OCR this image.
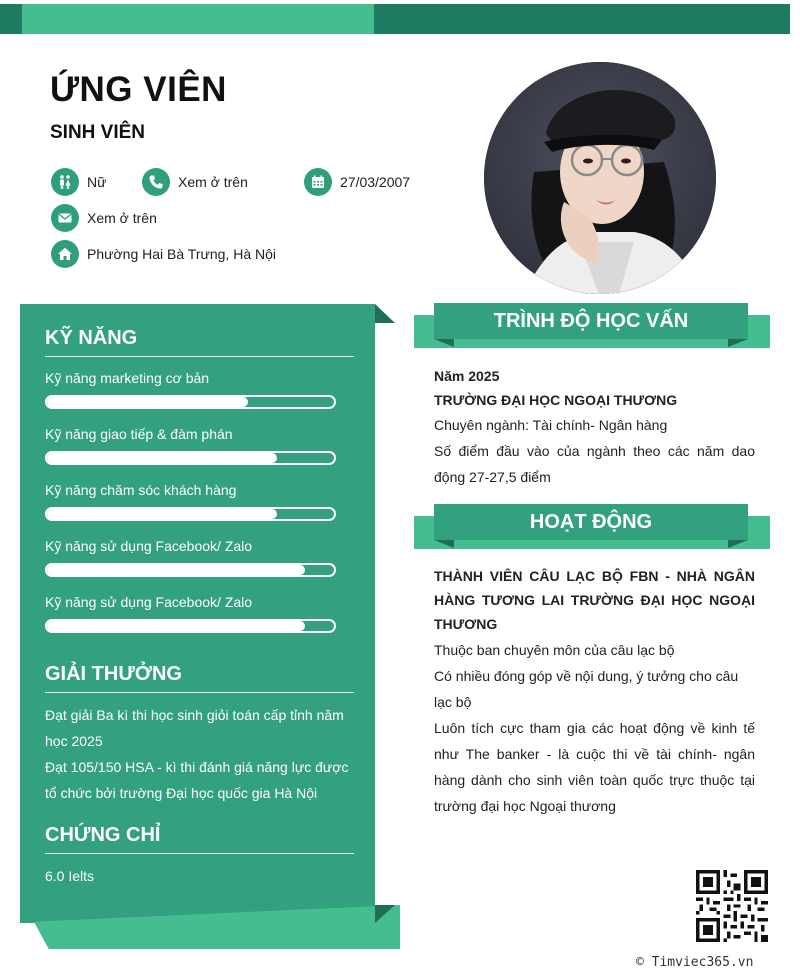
ỨNG VIÊN
SINH VIÊN
Nữ	Xem ở trên	27/03/2007
Xem ở trên
Phường Hai Bà Trưng, Hà Nội
KỸ NĂNG
Kỹ năng marketing cơ bản
Kỹ năng giao tiếp & đàm phán
Kỹ năng chăm sóc khách hàng
Kỹ năng sử dụng Facebook/ Zalo
Kỹ năng sử dụng Facebook/ Zalo
GIẢI THƯỞNG
Đạt giải Ba kì thi học sinh giỏi toán cấp tỉnh năm học 2025
Đạt 105/150 HSA - kì thi đánh giá năng lực được tổ chức bởi trường Đại học quốc gia Hà Nội
CHỨNG CHỈ
6.0 Ielts
TRÌNH ĐỘ HỌC VẤN
Năm 2025
TRƯỜNG ĐẠI HỌC NGOẠI THƯƠNG
Chuyên ngành: Tài chính- Ngân hàng
Số điểm đầu vào của ngành theo các năm dao động 27-27,5 điểm
HOẠT ĐỘNG
THÀNH VIÊN CÂU LẠC BỘ FBN - NHÀ NGÂN HÀNG TƯƠNG LAI TRƯỜNG ĐẠI HỌC NGOẠI THƯƠNG
Thuộc ban chuyên môn của câu lạc bộ
Có nhiều đóng góp về nội dung, ý tưởng cho câu lạc bộ
Luôn tích cực tham gia các hoạt động về kinh tế như The banker - là cuộc thi về tài chính- ngân hàng dành cho sinh viên toàn quốc trực thuộc tại trường đại học Ngoại thương
© Timviec365.vn
